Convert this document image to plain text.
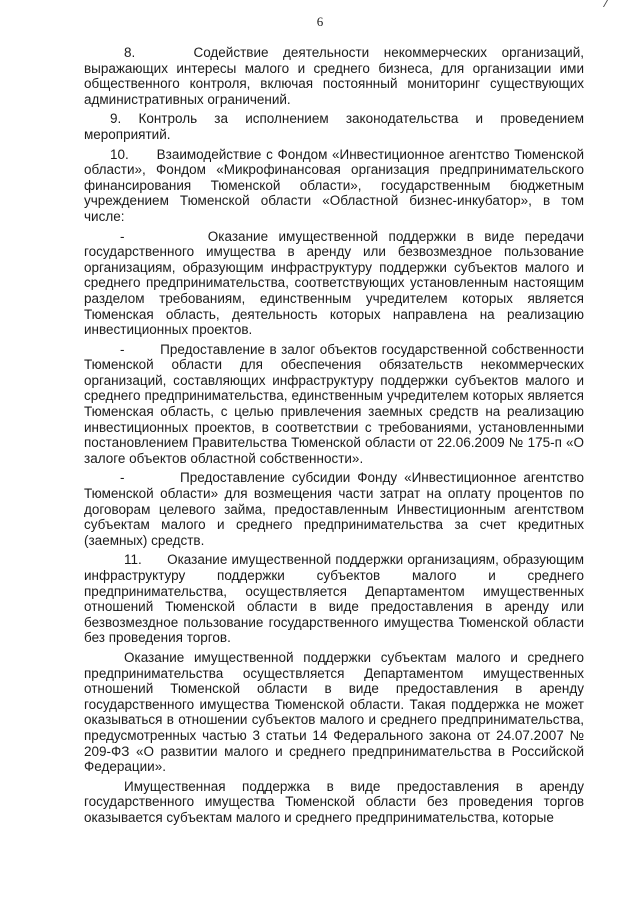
6

8.    Содействие деятельности некоммерческих организаций, выражающих интересы малого и среднего бизнеса, для организации ими общественного контроля, включая постоянный мониторинг существующих административных ограничений.

9. Контроль за исполнением законодательства и проведением мероприятий.

10.      Взаимодействие с Фондом «Инвестиционное агентство Тюменской области», Фондом «Микрофинансовая организация предпринимательского финансирования Тюменской области», государственным бюджетным учреждением Тюменской области «Областной бизнес-инкубатор», в том числе:

-        Оказание имущественной поддержки в виде передачи государственного имущества в аренду или безвозмездное пользование организациям, образующим инфраструктуру поддержки субъектов малого и среднего предпринимательства, соответствующих установленным настоящим разделом требованиям, единственным учредителем которых является Тюменская область, деятельность которых направлена на реализацию инвестиционных проектов.

-        Предоставление в залог объектов государственной собственности Тюменской области для обеспечения обязательств некоммерческих организаций, составляющих инфраструктуру поддержки субъектов малого и среднего предпринимательства, единственным учредителем которых является Тюменская область, с целью привлечения заемных средств на реализацию инвестиционных проектов, в соответствии с требованиями, установленными постановлением Правительства Тюменской области от 22.06.2009 № 175-п «О залоге объектов областной собственности».

-        Предоставление субсидии Фонду «Инвестиционное агентство Тюменской области» для возмещения части затрат на оплату процентов по договорам целевого займа, предоставленным Инвестиционным агентством субъектам малого и среднего предпринимательства за счет кредитных (заемных) средств.

11.      Оказание имущественной поддержки организациям, образующим инфраструктуру поддержки субъектов малого и среднего предпринимательства, осуществляется Департаментом имущественных отношений Тюменской области в виде предоставления в аренду или безвозмездное пользование государственного имущества Тюменской области без проведения торгов.

Оказание имущественной поддержки субъектам малого и среднего предпринимательства осуществляется Департаментом имущественных отношений Тюменской области в виде предоставления в аренду государственного имущества Тюменской области. Такая поддержка не может оказываться в отношении субъектов малого и среднего предпринимательства, предусмотренных частью 3 статьи 14 Федерального закона от 24.07.2007 № 209-ФЗ «О развитии малого и среднего предпринимательства в Российской Федерации».

Имущественная поддержка в виде предоставления в аренду государственного имущества Тюменской области без проведения торгов оказывается субъектам малого и среднего предпринимательства, которые
